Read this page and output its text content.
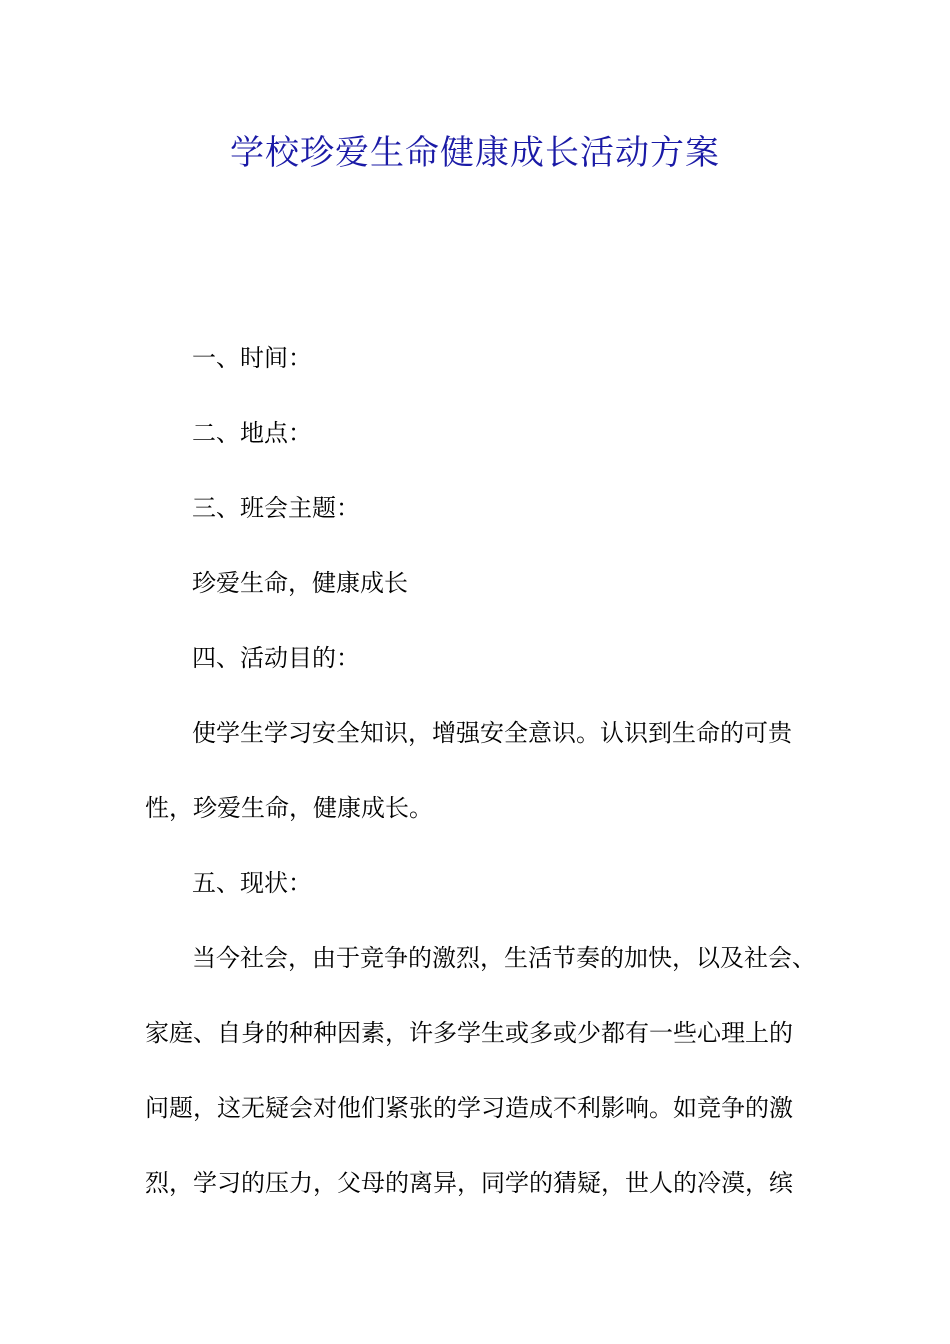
学校珍爱生命健康成长活动方案
一、时间：
二、地点：
三、班会主题：
珍爱生命，健康成长
四、活动目的：
使学生学习安全知识，增强安全意识。认识到生命的可贵
性，珍爱生命，健康成长。
五、现状：
当今社会，由于竞争的激烈，生活节奏的加快，以及社会、
家庭、自身的种种因素，许多学生或多或少都有一些心理上的
问题，这无疑会对他们紧张的学习造成不利影响。如竞争的激
烈，学习的压力，父母的离异，同学的猜疑，世人的冷漠，缤
